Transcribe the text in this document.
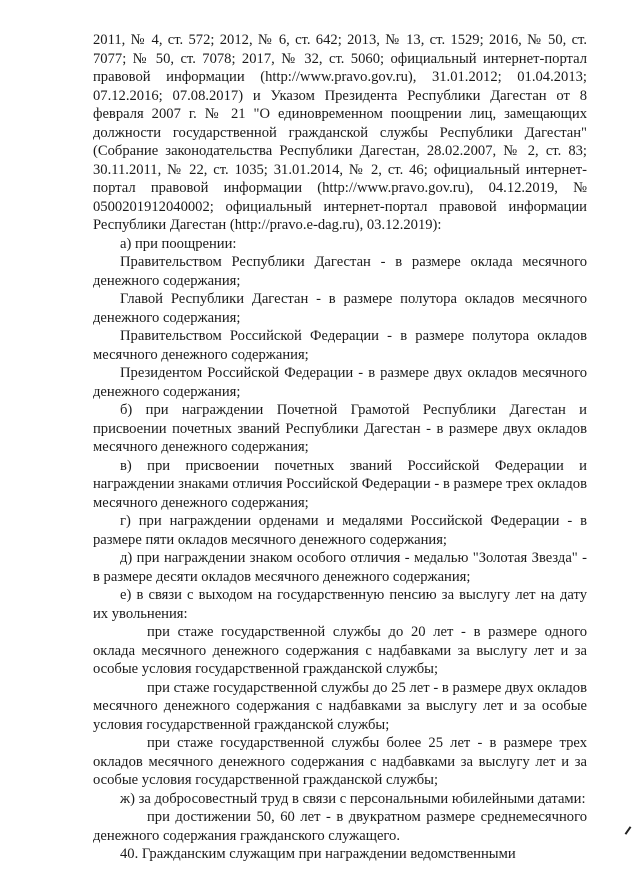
2011, № 4, ст. 572; 2012, № 6, ст. 642; 2013, № 13, ст. 1529; 2016, № 50, ст. 7077; № 50, ст. 7078; 2017, № 32, ст. 5060; официальный интернет-портал правовой информации (http://www.pravo.gov.ru), 31.01.2012; 01.04.2013; 07.12.2016; 07.08.2017) и Указом Президента Республики Дагестан от 8 февраля 2007 г. № 21 "О единовременном поощрении лиц, замещающих должности государственной гражданской службы Республики Дагестан" (Собрание законодательства Республики Дагестан, 28.02.2007, № 2, ст. 83; 30.11.2011, № 22, ст. 1035; 31.01.2014, № 2, ст. 46; официальный интернет-портал правовой информации (http://www.pravo.gov.ru), 04.12.2019, № 0500201912040002; официальный интернет-портал правовой информации Республики Дагестан (http://pravo.e-dag.ru), 03.12.2019):

а) при поощрении:

Правительством Республики Дагестан - в размере оклада месячного денежного содержания;

Главой Республики Дагестан - в размере полутора окладов месячного денежного содержания;

Правительством Российской Федерации - в размере полутора окладов месячного денежного содержания;

Президентом Российской Федерации - в размере двух окладов месячного денежного содержания;

б) при награждении Почетной Грамотой Республики Дагестан и присвоении почетных званий Республики Дагестан - в размере двух окладов месячного денежного содержания;

в) при присвоении почетных званий Российской Федерации и награждении знаками отличия Российской Федерации - в размере трех окладов месячного денежного содержания;

г) при награждении орденами и медалями Российской Федерации - в размере пяти окладов месячного денежного содержания;

д) при награждении знаком особого отличия - медалью "Золотая Звезда" - в размере десяти окладов месячного денежного содержания;

е) в связи с выходом на государственную пенсию за выслугу лет на дату их увольнения:

при стаже государственной службы до 20 лет - в размере одного оклада месячного денежного содержания с надбавками за выслугу лет и за особые условия государственной гражданской службы;

при стаже государственной службы до 25 лет - в размере двух окладов месячного денежного содержания с надбавками за выслугу лет и за особые условия государственной гражданской службы;

при стаже государственной службы более 25 лет - в размере трех окладов месячного денежного содержания с надбавками за выслугу лет и за особые условия государственной гражданской службы;

ж) за добросовестный труд в связи с персональными юбилейными датами:

при достижении 50, 60 лет - в двукратном размере среднемесячного денежного содержания гражданского служащего.

40. Гражданским служащим при награждении ведомственными
